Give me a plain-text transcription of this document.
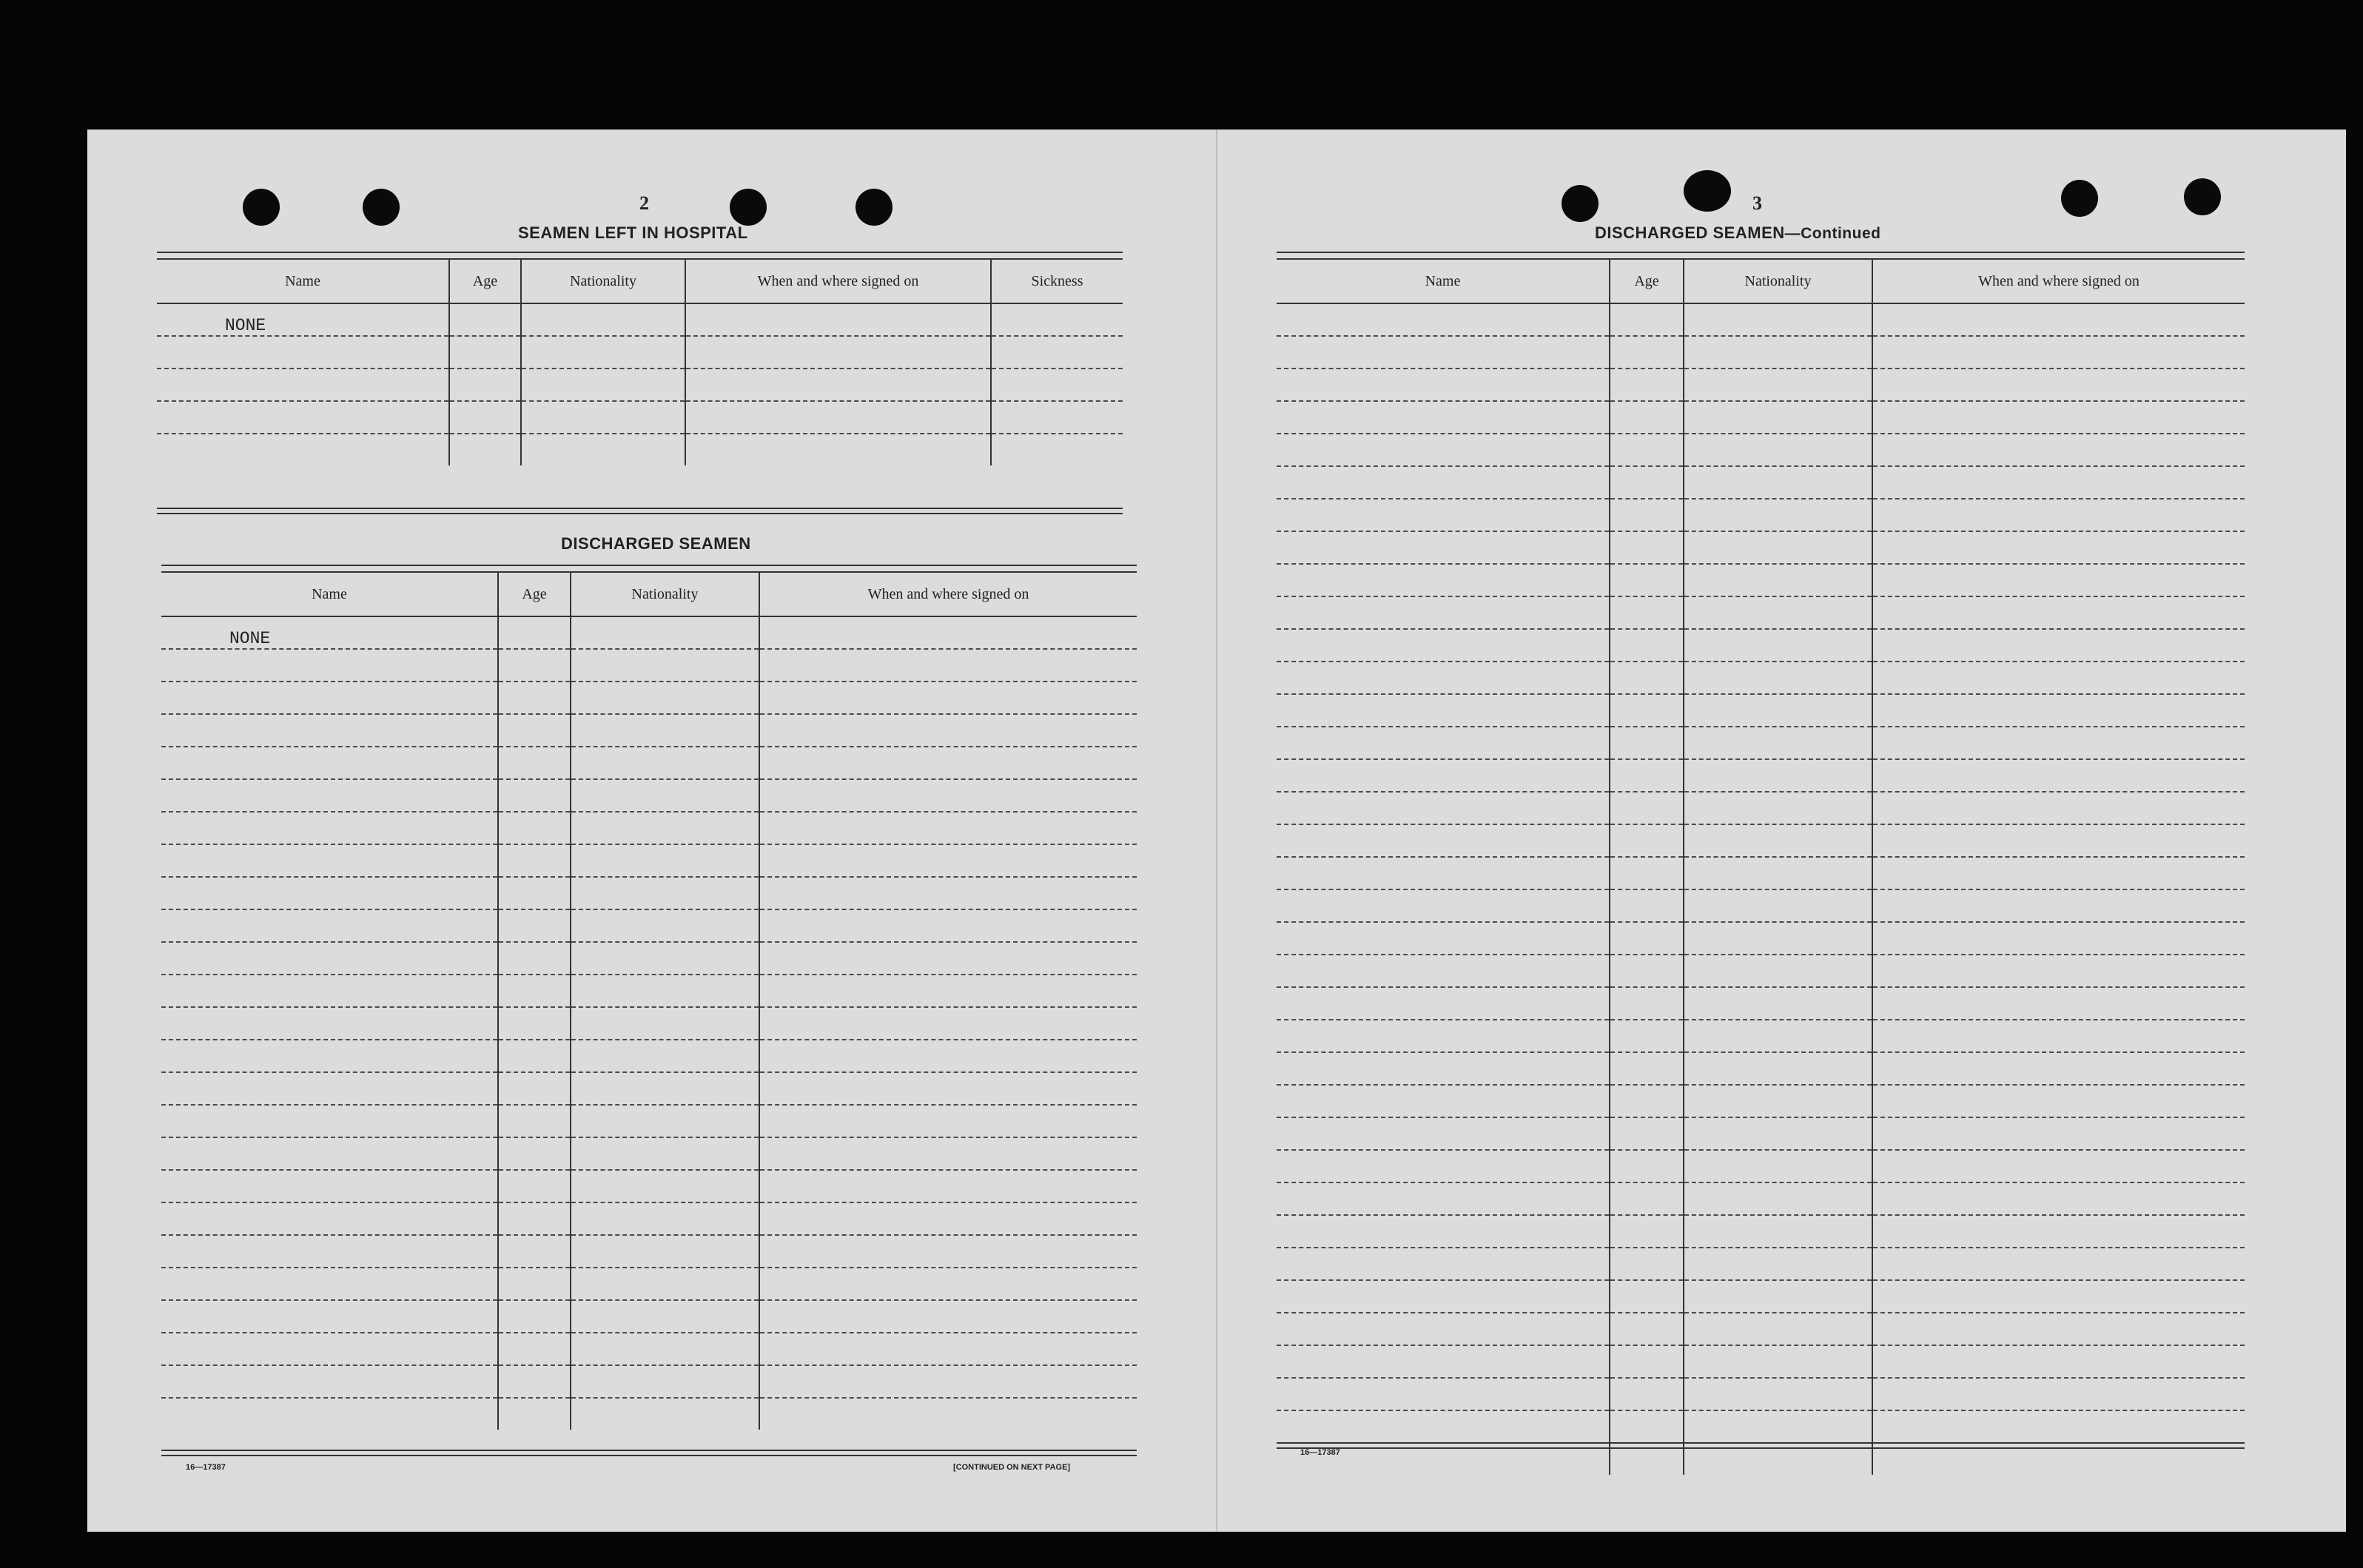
2
SEAMEN LEFT IN HOSPITAL
Name	Age	Nationality	When and where signed on	Sickness
NONE				

DISCHARGED SEAMEN
Name	Age	Nationality	When and where signed on
NONE			

16—17387	[CONTINUED ON NEXT PAGE]
3
DISCHARGED SEAMEN—Continued
Name	Age	Nationality	When and where signed on

16—17387
